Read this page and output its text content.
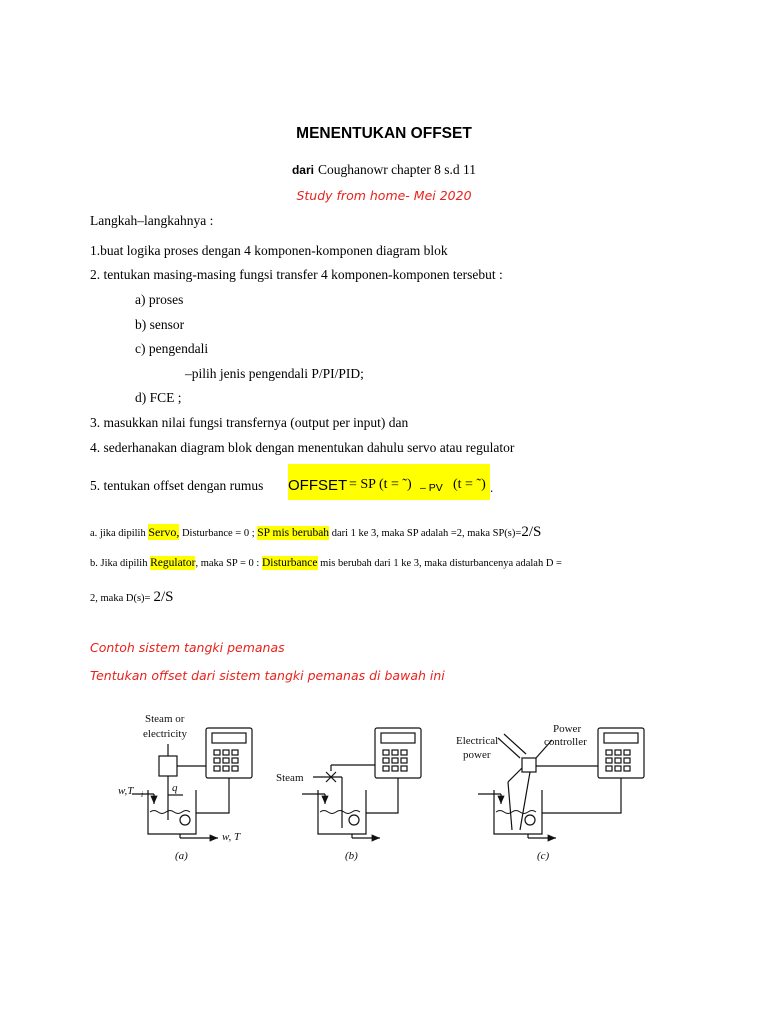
MENENTUKAN OFFSET
dari Coughanowr chapter 8 s.d 11
Study from home- Mei 2020
Langkah–langkahnya :
1.buat logika proses dengan 4 komponen-komponen diagram blok
2. tentukan masing-masing fungsi transfer 4 komponen-komponen tersebut :
a) proses
b) sensor
c) pengendali
–pilih jenis pengendali P/PI/PID;
d) FCE ;
3. masukkan nilai fungsi transfernya (output per input) dan
4. sederhanakan diagram blok dengan menentukan dahulu servo atau regulator
5. tentukan offset dengan rumus OFFSET = SP (t = ˜) – PV (t = ˜) .
a. jika dipilih Servo, Disturbance = 0 ; SP mis berubah dari 1 ke 3, maka SP adalah =2, maka SP(s)=2/S
b. Jika dipilih Regulator, maka SP = 0 : Disturbance mis berubah dari 1 ke 3, maka disturbancenya adalah D =
2, maka D(s)= 2/S
Contoh sistem tangki pemanas
Tentukan offset dari sistem tangki pemanas di bawah ini
Steam or
electricity
w,T i
q
w, T
(a)
Steam
(b)
Electrical
power
Power
controller
(c)
